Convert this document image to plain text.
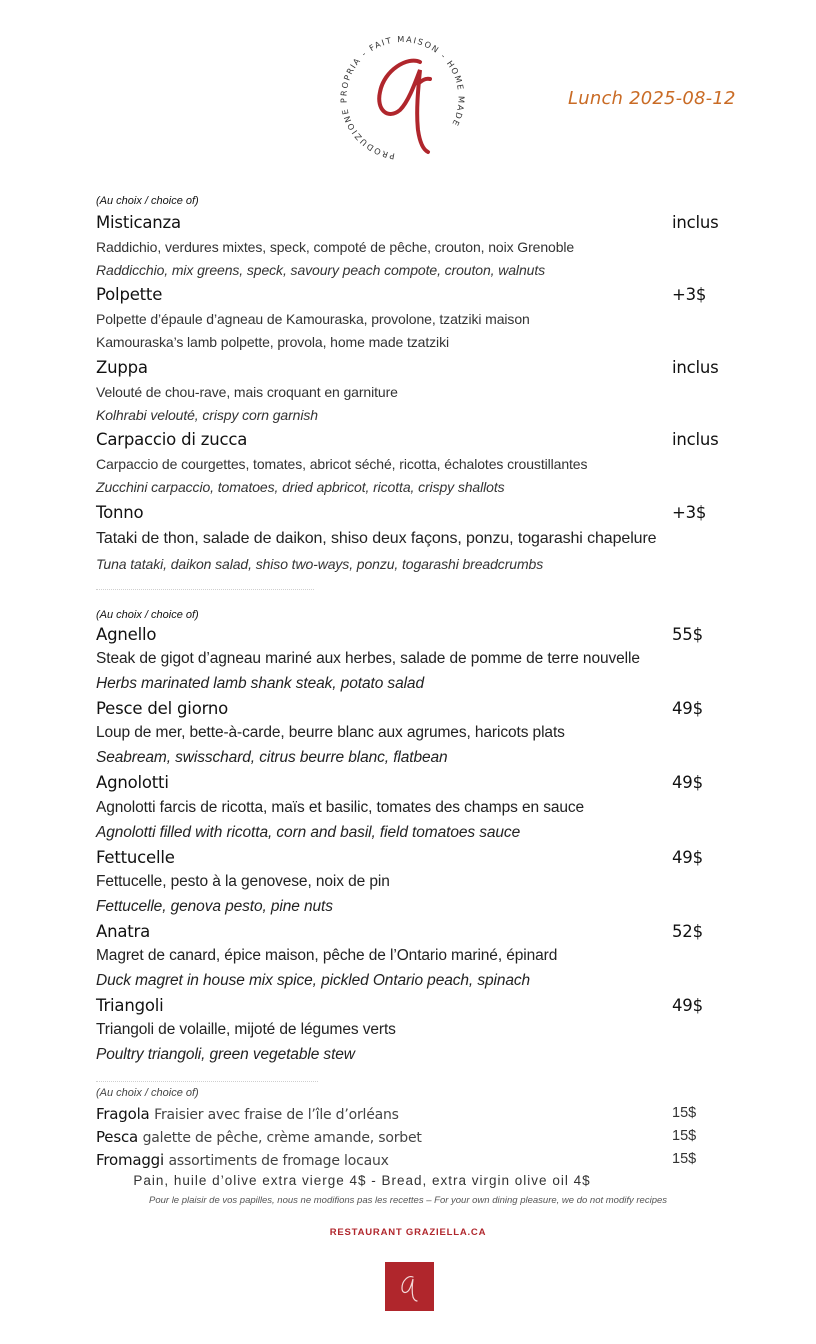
PRODUZIONE PROPRIA - FAIT MAISON - HOME MADE
Lunch 2025-08-12
(Au choix / choice of)
Misticanza	inclus
Raddichio, verdures mixtes, speck, compoté de pêche, crouton, noix Grenoble
Raddicchio, mix greens, speck, savoury peach compote, crouton, walnuts
Polpette	+3$
Polpette d’épaule d’agneau de Kamouraska, provolone, tzatziki maison
Kamouraska’s lamb polpette, provola, home made tzatziki
Zuppa	inclus
Velouté de chou-rave, mais croquant en garniture
Kolhrabi velouté, crispy corn garnish
Carpaccio di zucca	inclus
Carpaccio de courgettes, tomates, abricot séché, ricotta, échalotes croustillantes
Zucchini carpaccio, tomatoes, dried apbricot, ricotta, crispy shallots
Tonno	+3$
Tataki de thon, salade de daikon, shiso deux façons, ponzu, togarashi chapelure
Tuna tataki, daikon salad, shiso two-ways, ponzu, togarashi breadcrumbs
(Au choix / choice of)
Agnello	55$
Steak de gigot d’agneau mariné aux herbes, salade de pomme de terre nouvelle
Herbs marinated lamb shank steak, potato salad
Pesce del giorno	49$
Loup de mer, bette-à-carde, beurre blanc aux agrumes, haricots plats
Seabream, swisschard, citrus beurre blanc, flatbean
Agnolotti	49$
Agnolotti farcis de ricotta, maïs et basilic, tomates des champs en sauce
Agnolotti filled with ricotta, corn and basil, field tomatoes sauce
Fettucelle	49$
Fettucelle, pesto à la genovese, noix de pin
Fettucelle, genova pesto, pine nuts
Anatra	52$
Magret de canard, épice maison, pêche de l’Ontario mariné, épinard
Duck magret in house mix spice, pickled Ontario peach, spinach
Triangoli	49$
Triangoli de volaille, mijoté de légumes verts
Poultry triangoli, green vegetable stew
(Au choix / choice of)
Fragola Fraisier avec fraise de l’île d’orléans	15$
Pesca galette de pêche, crème amande, sorbet	15$
Fromaggi assortiments de fromage locaux	15$
Pain, huile d’olive extra vierge 4$ - Bread, extra virgin olive oil 4$
Pour le plaisir de vos papilles, nous ne modifions pas les recettes – For your own dining pleasure, we do not modify recipes
RESTAURANT GRAZIELLA.CA
